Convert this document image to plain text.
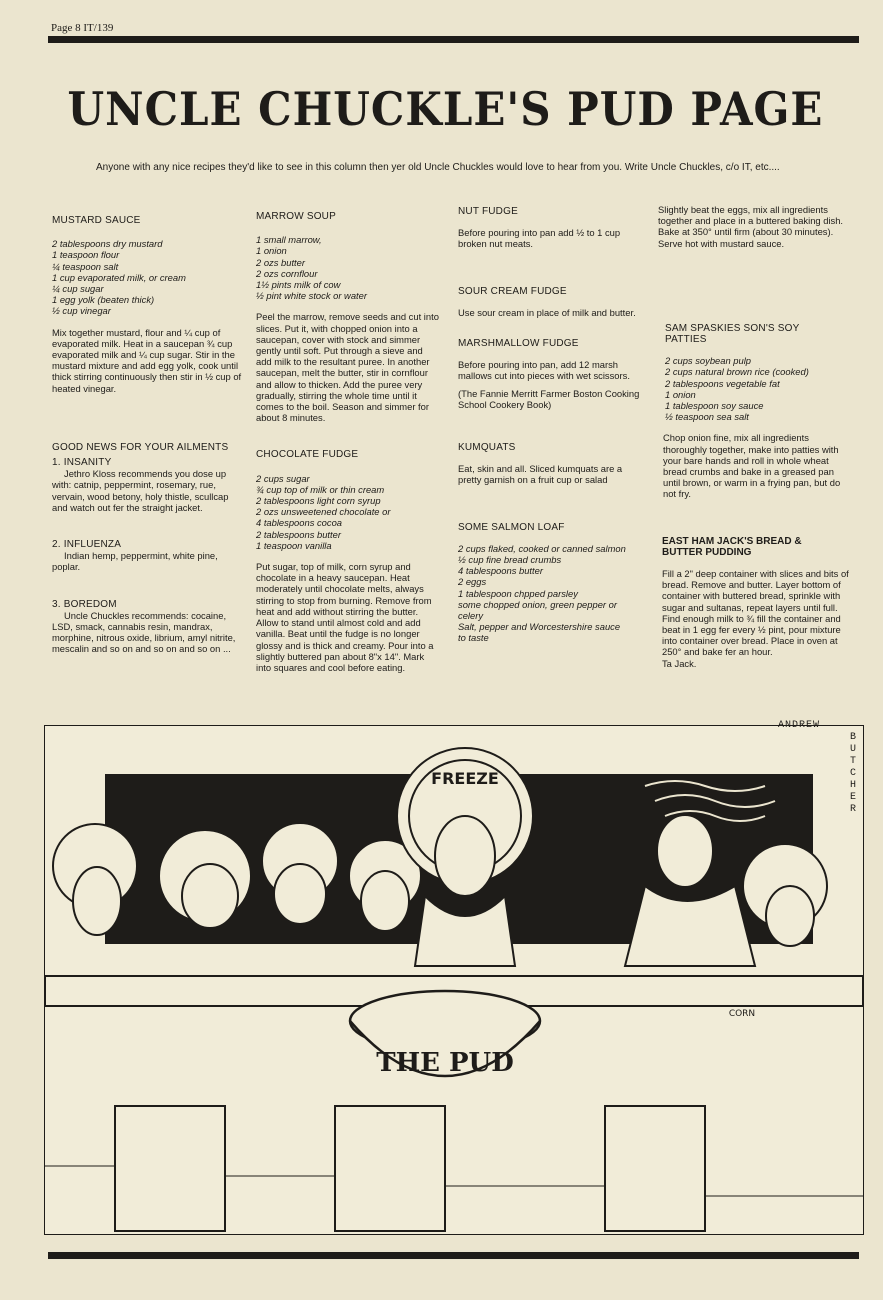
Page 8 IT/139
UNCLE CHUCKLE'S PUD PAGE
Anyone with any nice recipes they'd like to see in this column then yer old Uncle Chuckles would love to hear from you. Write Uncle Chuckles, c/o IT, etc....

MUSTARD SAUCE

2 tablespoons dry mustard

1 teaspoon flour

¼ teaspoon salt

1 cup evaporated milk, or cream

¼ cup sugar

1 egg yolk (beaten thick)

½ cup vinegar

Mix together mustard, flour and ¼ cup of evaporated milk. Heat in a saucepan ¾ cup evaporated milk and ¼ cup sugar. Stir in the mustard mixture and add egg yolk, cook until thick stirring continuously then stir in ½ cup of heated vinegar.

GOOD NEWS FOR YOUR AILMENTS

1. INSANITY

Jethro Kloss recommends you dose up with: catnip, peppermint, rosemary, rue, vervain, wood betony, holy thistle, scullcap and watch out fer the straight jacket.

2. INFLUENZA

Indian hemp, peppermint, white pine, poplar.

3. BOREDOM

Uncle Chuckles recommends: cocaine, LSD, smack, cannabis resin, mandrax, morphine, nitrous oxide, librium, amyl nitrite, mescalin and so on and so on and so on ...

MARROW SOUP

1 small marrow,

1 onion

2 ozs butter

2 ozs cornflour

1½ pints milk of cow

½ pint white stock or water

Peel the marrow, remove seeds and cut into slices. Put it, with chopped onion into a saucepan, cover with stock and simmer gently until soft. Put through a sieve and add milk to the resultant puree. In another saucepan, melt the butter, stir in cornflour and allow to thicken. Add the puree very gradually, stirring the whole time until it comes to the boil. Season and simmer for about 8 minutes.

CHOCOLATE FUDGE

2 cups sugar

¾ cup top of milk or thin cream

2 tablespoons light corn syrup

2 ozs unsweetened chocolate or

4 tablespoons cocoa

2 tablespoons butter

1 teaspoon vanilla

Put sugar, top of milk, corn syrup and chocolate in a heavy saucepan. Heat moderately until chocolate melts, always stirring to stop from burning. Remove from heat and add without stirring the butter. Allow to stand until almost cold and add vanilla. Beat until the fudge is no longer glossy and is thick and creamy. Pour into a slightly buttered pan about 8"x 14". Mark into squares and cool before eating.

NUT FUDGE

Before pouring into pan add ½ to 1 cup broken nut meats.

SOUR CREAM FUDGE

Use sour cream in place of milk and butter.

MARSHMALLOW FUDGE

Before pouring into pan, add 12 marsh mallows cut into pieces with wet scissors.

(The Fannie Merritt Farmer Boston Cooking School Cookery Book)

KUMQUATS

Eat, skin and all. Sliced kumquats are a pretty garnish on a fruit cup or salad

SOME SALMON LOAF

2 cups flaked, cooked or canned salmon

½ cup fine bread crumbs

4 tablespoons butter

2 eggs

1 tablespoon chpped parsley

some chopped onion, green pepper or

celery

Salt, pepper and Worcestershire sauce

to taste

Slightly beat the eggs, mix all ingredients together and place in a buttered baking dish. Bake at 350° until firm (about 30 minutes). Serve hot with mustard sauce.

SAM SPASKIES SON'S SOY PATTIES

2 cups soybean pulp

2 cups natural brown rice (cooked)

2 tablespoons vegetable fat

1 onion

1 tablespoon soy sauce

½ teaspoon sea salt

Chop onion fine, mix all ingredients thoroughly together, make into patties with your bare hands and roll in whole wheat bread crumbs and bake in a greased pan until brown, or warm in a frying pan, but do not fry.

EAST HAM JACK'S BREAD & BUTTER PUDDING

Fill a 2" deep container with slices and bits of bread. Remove and butter. Layer bottom of container with buttered bread, sprinkle with sugar and sultanas, repeat layers until full. Find enough milk to ¾ fill the container and beat in 1 egg fer every ½ pint, pour mixture into container over bread. Place in oven at 250° and bake fer an hour.

Ta Jack.

THE PUD
FREEZE
CORN
ANDREW
B
U
T
C
H
E
R
